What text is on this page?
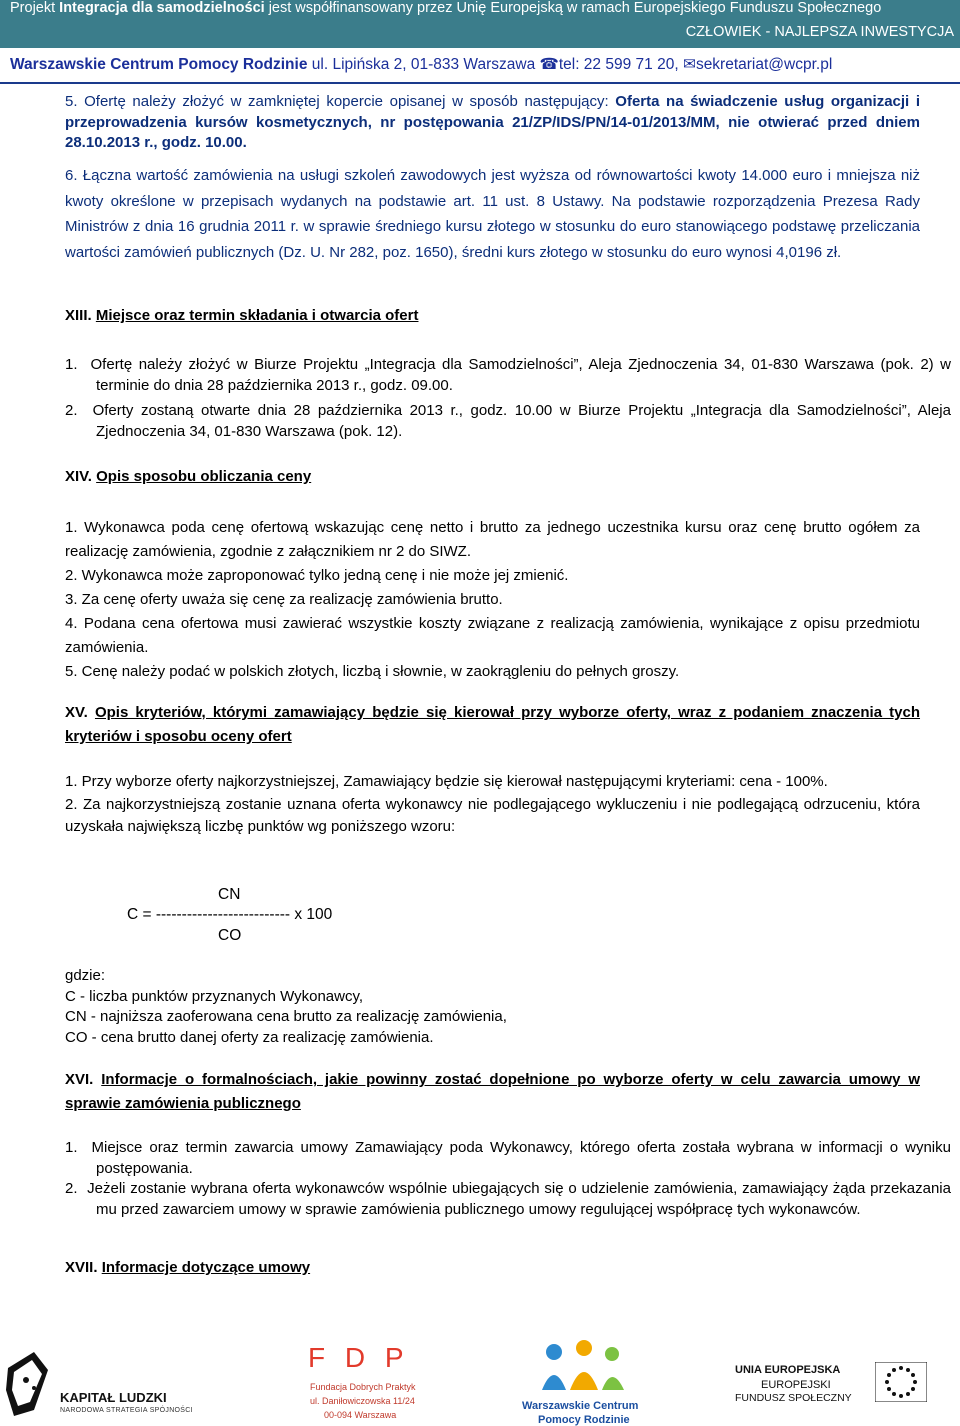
Projekt Integracja dla samodzielności jest współfinansowany przez Unię Europejską w ramach Europejskiego Funduszu Społecznego
CZŁOWIEK - NAJLEPSZA INWESTYCJA
Warszawskie Centrum Pomocy Rodzinie ul. Lipińska 2, 01-833 Warszawa ☎tel: 22 599 71 20, ✉sekretariat@wcpr.pl
5. Ofertę należy złożyć w zamkniętej kopercie opisanej w sposób następujący: Oferta na świadczenie usług organizacji i przeprowadzenia kursów kosmetycznych, nr postępowania 21/ZP/IDS/PN/14-01/2013/MM, nie otwierać przed dniem 28.10.2013 r., godz. 10.00.
6. Łączna wartość zamówienia na usługi szkoleń zawodowych jest wyższa od równowartości kwoty 14.000 euro i mniejsza niż kwoty określone w przepisach wydanych na podstawie art. 11 ust. 8 Ustawy. Na podstawie rozporządzenia Prezesa Rady Ministrów z dnia 16 grudnia 2011 r. w sprawie średniego kursu złotego w stosunku do euro stanowiącego podstawę przeliczania wartości zamówień publicznych (Dz. U. Nr 282, poz. 1650), średni kurs złotego w stosunku do euro wynosi 4,0196 zł.
XIII. Miejsce oraz termin składania i otwarcia ofert
1.  Ofertę należy złożyć w Biurze Projektu „Integracja dla Samodzielności”, Aleja Zjednoczenia 34, 01-830 Warszawa (pok. 2) w terminie do dnia 28 października 2013 r., godz. 09.00.
2.  Oferty zostaną otwarte dnia 28 października 2013 r., godz. 10.00 w Biurze Projektu „Integracja dla Samodzielności”, Aleja Zjednoczenia 34, 01-830 Warszawa (pok. 12).
XIV. Opis sposobu obliczania ceny
1. Wykonawca poda cenę ofertową wskazując cenę netto i brutto za jednego uczestnika kursu oraz cenę brutto ogółem za realizację zamówienia, zgodnie z załącznikiem nr 2 do SIWZ.
2. Wykonawca może zaproponować tylko jedną cenę i nie może jej zmienić.
3. Za cenę oferty uważa się cenę za realizację zamówienia brutto.
4. Podana cena ofertowa musi zawierać wszystkie koszty związane z realizacją zamówienia, wynikające z opisu przedmiotu zamówienia.
5. Cenę należy podać w polskich złotych, liczbą i słownie, w zaokrągleniu do pełnych groszy.
XV. Opis kryteriów, którymi zamawiający będzie się kierował przy wyborze oferty, wraz z podaniem znaczenia tych kryteriów i sposobu oceny ofert
1. Przy wyborze oferty najkorzystniejszej, Zamawiający będzie się kierował następującymi kryteriami: cena - 100%.
2. Za najkorzystniejszą zostanie uznana oferta wykonawcy nie podlegającego wykluczeniu i nie podlegającą odrzuceniu, która uzyskała największą liczbę punktów wg poniższego wzoru:
CN
C = -------------------------- x 100
CO
gdzie:
C - liczba punktów przyznanych Wykonawcy,
CN - najniższa zaoferowana cena brutto za realizację zamówienia,
CO - cena brutto danej oferty za realizację zamówienia.
XVI. Informacje o formalnościach, jakie powinny zostać dopełnione po wyborze oferty w celu zawarcia umowy w sprawie zamówienia publicznego
1.  Miejsce oraz termin zawarcia umowy Zamawiający poda Wykonawcy, którego oferta została wybrana w informacji o wyniku postępowania.
2.  Jeżeli zostanie wybrana oferta wykonawców wspólnie ubiegających się o udzielenie zamówienia, zamawiający żąda przekazania mu przed zawarciem umowy w sprawie zamówienia publicznego umowy regulującej współpracę tych wykonawców.
XVII. Informacje dotyczące umowy
KAPITAŁ LUDZKI
NARODOWA STRATEGIA SPÓJNOŚCI
F D P
Fundacja Dobrych Praktyk
ul. Daniłowiczowska 11/24
00-094 Warszawa
Warszawskie Centrum
Pomocy Rodzinie
UNIA EUROPEJSKA
EUROPEJSKI
FUNDUSZ SPOŁECZNY
